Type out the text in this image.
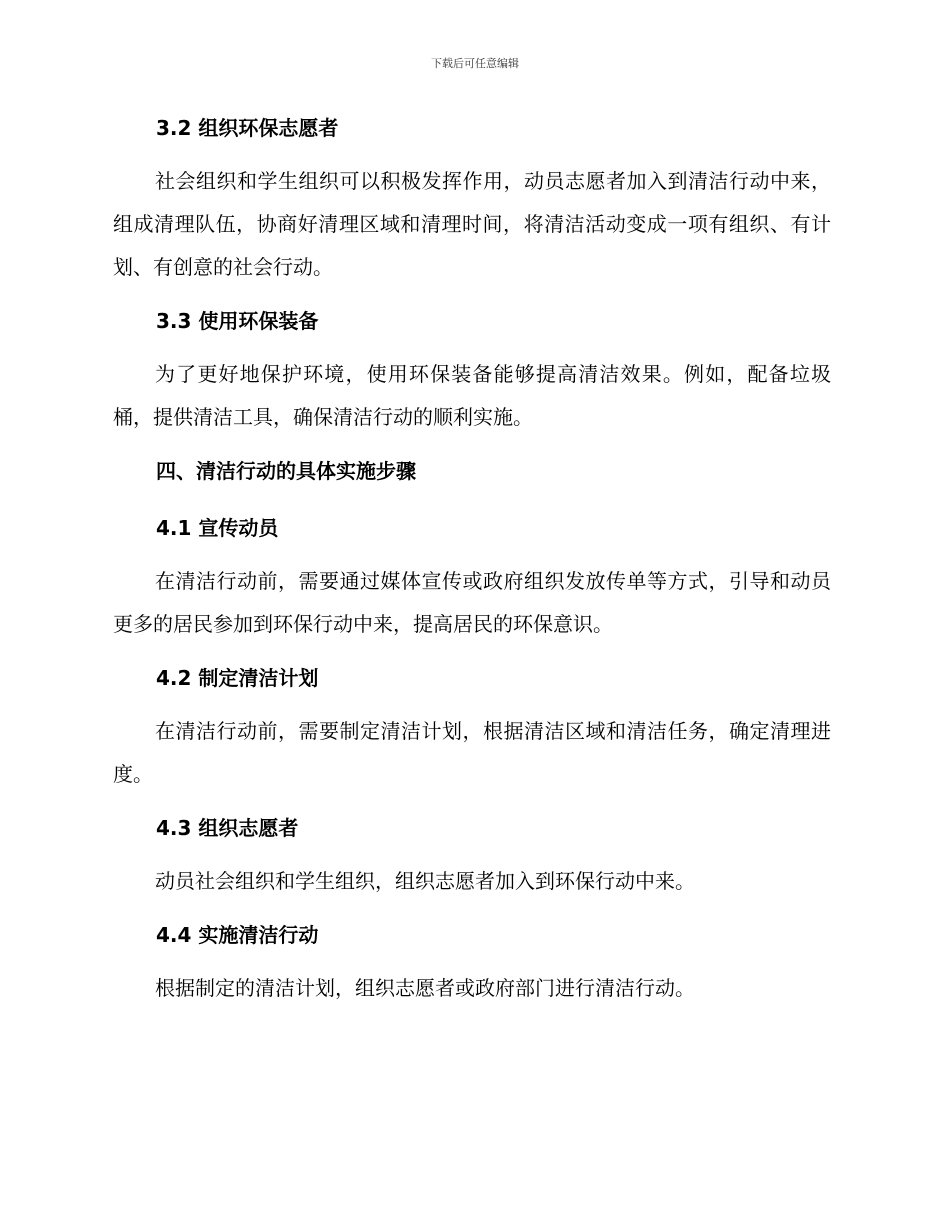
下载后可任意编辑
3.2 组织环保志愿者

社会组织和学生组织可以积极发挥作用，动员志愿者加入到清洁行动中来，组成清理队伍，协商好清理区域和清理时间，将清洁活动变成一项有组织、有计划、有创意的社会行动。

3.3 使用环保装备

为了更好地保护环境，使用环保装备能够提高清洁效果。例如，配备垃圾桶，提供清洁工具，确保清洁行动的顺利实施。

四、清洁行动的具体实施步骤
4.1 宣传动员

在清洁行动前，需要通过媒体宣传或政府组织发放传单等方式，引导和动员更多的居民参加到环保行动中来，提高居民的环保意识。

4.2 制定清洁计划

在清洁行动前，需要制定清洁计划，根据清洁区域和清洁任务，确定清理进度。

4.3 组织志愿者

动员社会组织和学生组织，组织志愿者加入到环保行动中来。

4.4 实施清洁行动

根据制定的清洁计划，组织志愿者或政府部门进行清洁行动。
